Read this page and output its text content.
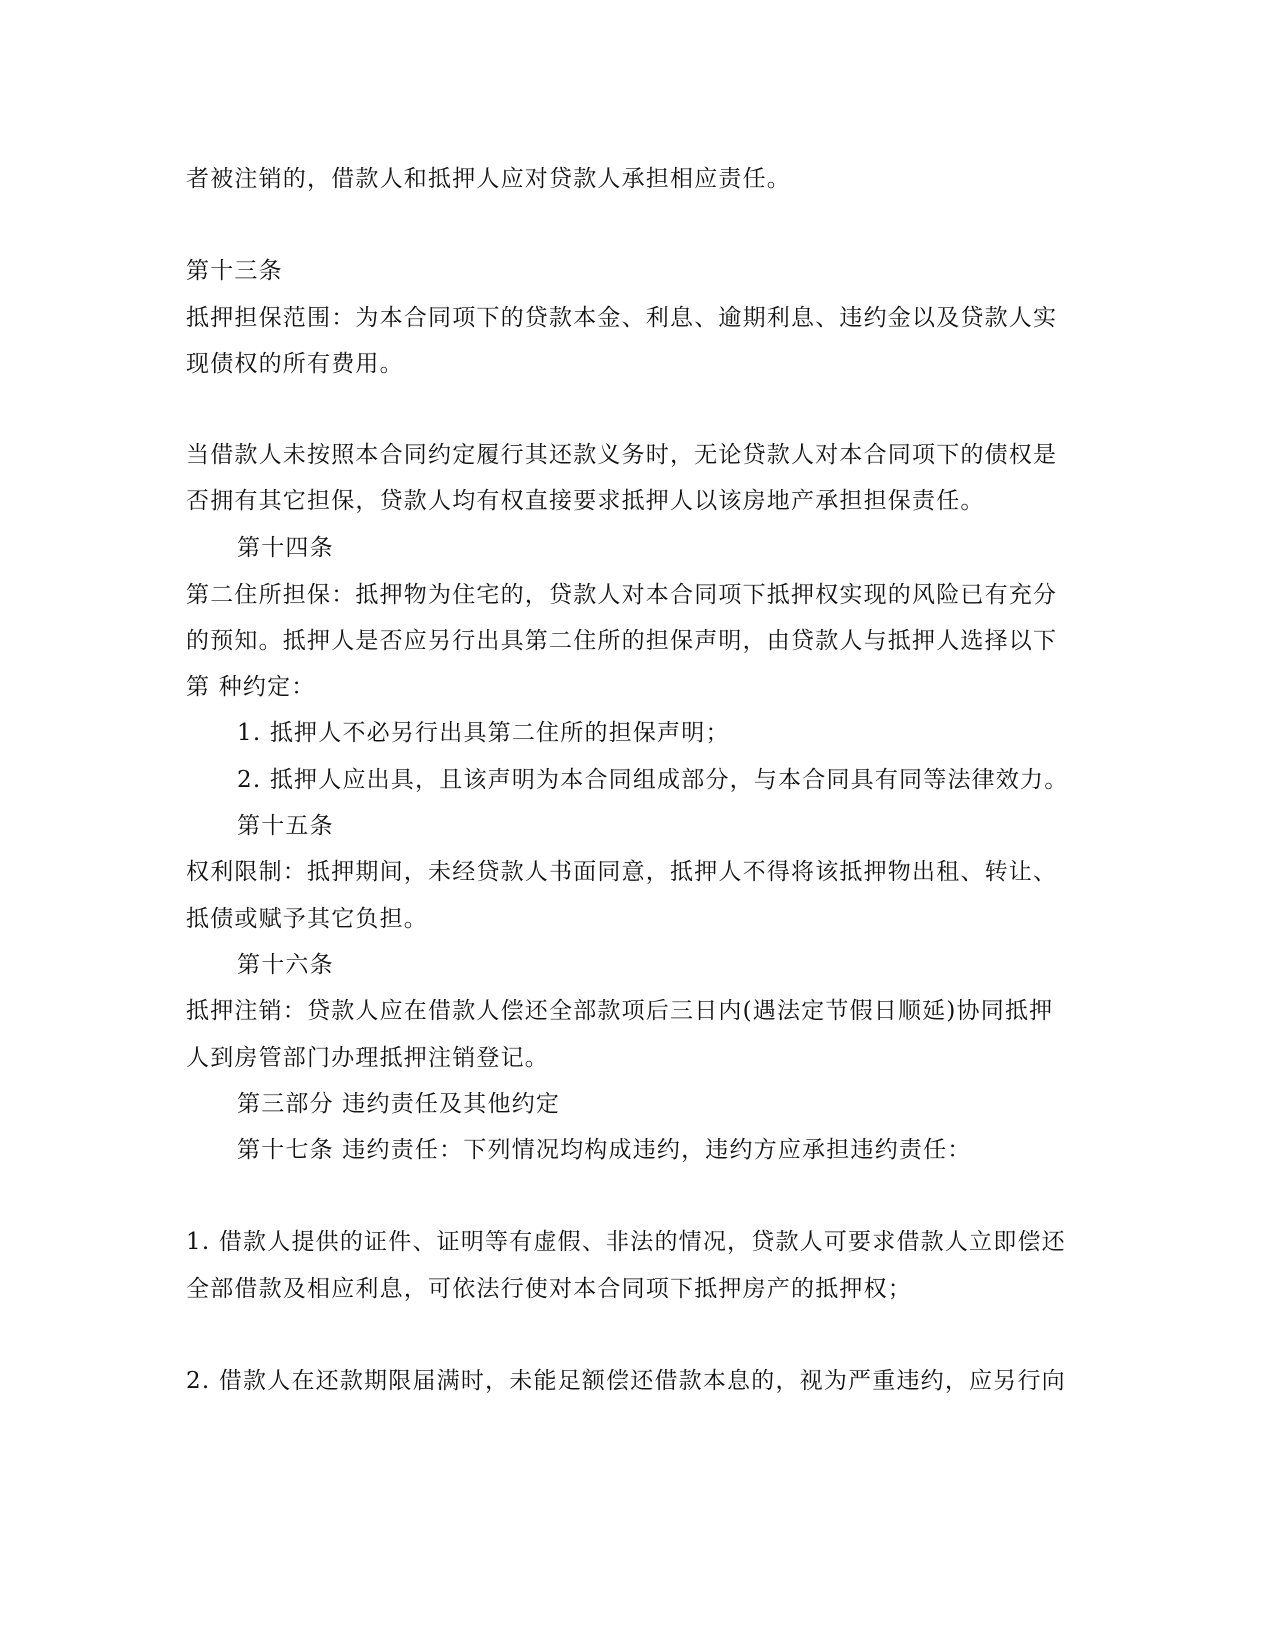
者被注销的，借款人和抵押人应对贷款人承担相应责任。
第十三条
抵押担保范围：为本合同项下的贷款本金、利息、逾期利息、违约金以及贷款人实
现债权的所有费用。
当借款人未按照本合同约定履行其还款义务时，无论贷款人对本合同项下的债权是
否拥有其它担保，贷款人均有权直接要求抵押人以该房地产承担担保责任。
第十四条
第二住所担保：抵押物为住宅的，贷款人对本合同项下抵押权实现的风险已有充分
的预知。抵押人是否应另行出具第二住所的担保声明，由贷款人与抵押人选择以下
第 种约定：
1. 抵押人不必另行出具第二住所的担保声明；
2. 抵押人应出具，且该声明为本合同组成部分，与本合同具有同等法律效力。
第十五条
权利限制：抵押期间，未经贷款人书面同意，抵押人不得将该抵押物出租、转让、
抵债或赋予其它负担。
第十六条
抵押注销：贷款人应在借款人偿还全部款项后三日内(遇法定节假日顺延)协同抵押
人到房管部门办理抵押注销登记。
第三部分 违约责任及其他约定
第十七条 违约责任：下列情况均构成违约，违约方应承担违约责任：
1. 借款人提供的证件、证明等有虚假、非法的情况，贷款人可要求借款人立即偿还
全部借款及相应利息，可依法行使对本合同项下抵押房产的抵押权；
2. 借款人在还款期限届满时，未能足额偿还借款本息的，视为严重违约，应另行向
